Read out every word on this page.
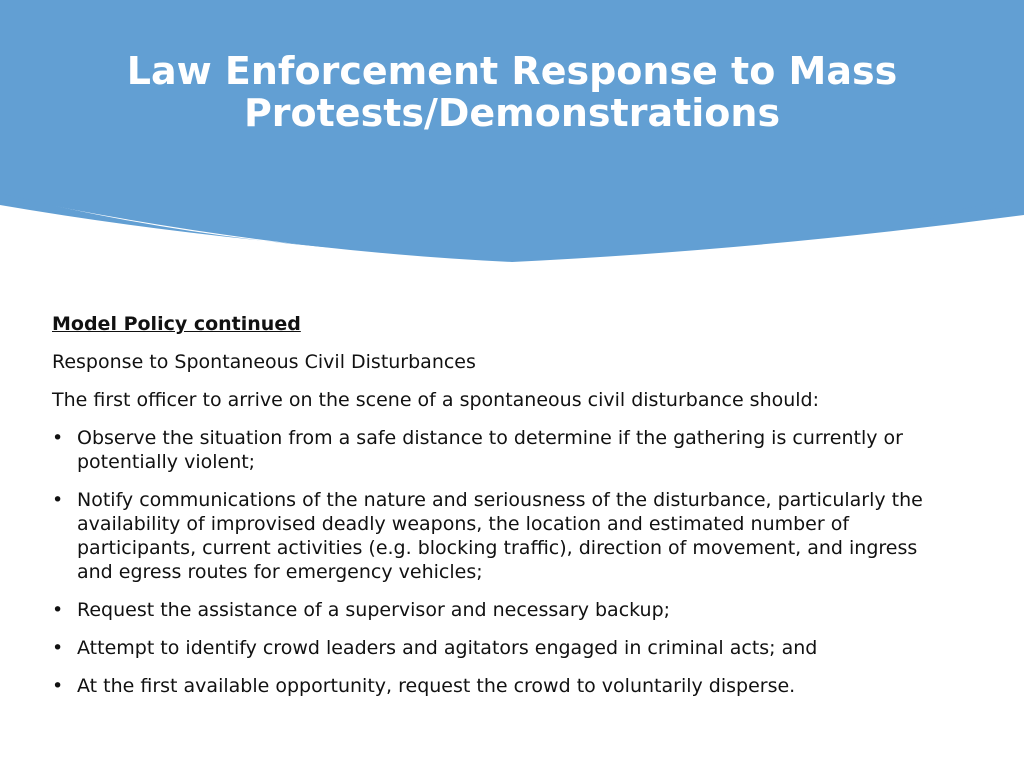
Law Enforcement Response to Mass
Protests/Demonstrations

Model Policy continued

Response to Spontaneous Civil Disturbances

The first officer to arrive on the scene of a spontaneous civil disturbance should:

• Observe the situation from a safe distance to determine if the gathering is currently or potentially violent;
• Notify communications of the nature and seriousness of the disturbance, particularly the availability of improvised deadly weapons, the location and estimated number of participants, current activities (e.g. blocking traffic), direction of movement, and ingress and egress routes for emergency vehicles;
• Request the assistance of a supervisor and necessary backup;
• Attempt to identify crowd leaders and agitators engaged in criminal acts; and
• At the first available opportunity, request the crowd to voluntarily disperse.
